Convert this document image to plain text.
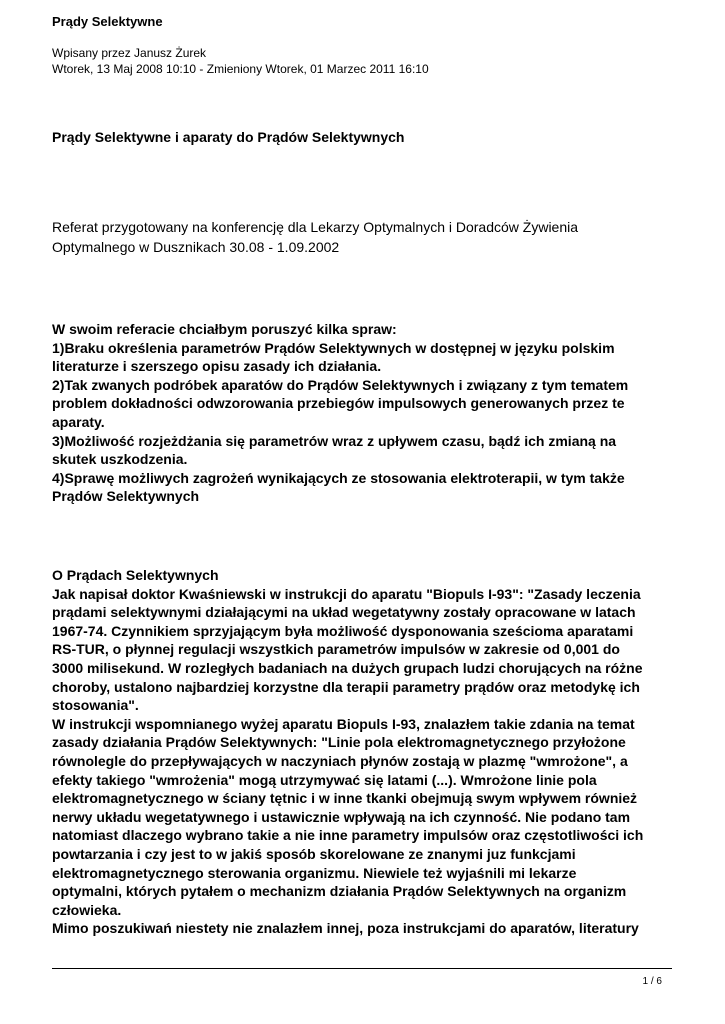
Prądy Selektywne
Wpisany przez Janusz Żurek
Wtorek, 13 Maj 2008 10:10 - Zmieniony Wtorek, 01 Marzec 2011 16:10
Prądy Selektywne i aparaty do Prądów Selektywnych
Referat przygotowany na konferencję dla Lekarzy Optymalnych i Doradców Żywienia
Optymalnego w Dusznikach 30.08 - 1.09.2002
W swoim referacie chciałbym poruszyć kilka spraw:
1)Braku określenia parametrów Prądów Selektywnych w dostępnej w języku polskim
literaturze i szerszego opisu zasady ich działania.
2)Tak zwanych podróbek aparatów do Prądów Selektywnych i związany z tym tematem
problem dokładności odwzorowania przebiegów impulsowych generowanych przez te
aparaty.
3)Możliwość rozjeżdżania się parametrów wraz z upływem czasu, bądź ich zmianą na
skutek uszkodzenia.
4)Sprawę możliwych zagrożeń wynikających ze stosowania elektroterapii, w tym także
Prądów Selektywnych
O Prądach Selektywnych
Jak napisał doktor Kwaśniewski w instrukcji do aparatu "Biopuls I-93": "Zasady leczenia
prądami selektywnymi działającymi na układ wegetatywny zostały opracowane w latach
1967-74. Czynnikiem sprzyjającym była możliwość dysponowania sześcioma aparatami
RS-TUR, o płynnej regulacji wszystkich parametrów impulsów w zakresie od 0,001 do
3000 milisekund. W rozległych badaniach na dużych grupach ludzi chorujących na różne
choroby, ustalono najbardziej korzystne dla terapii parametry prądów oraz metodykę ich
stosowania".
W instrukcji wspomnianego wyżej aparatu Biopuls I-93, znalazłem takie zdania na temat
zasady działania Prądów Selektywnych: "Linie pola elektromagnetycznego przyłożone
równolegle do przepływających w naczyniach płynów zostają w plazmę "wmrożone", a
efekty takiego "wmrożenia" mogą utrzymywać się latami (...). Wmrożone linie pola
elektromagnetycznego w ściany tętnic i w inne tkanki obejmują swym wpływem również
nerwy układu wegetatywnego i ustawicznie wpływają na ich czynność. Nie podano tam
natomiast dlaczego wybrano takie a nie inne parametry impulsów oraz częstotliwości ich
powtarzania i czy jest to w jakiś sposób skorelowane ze znanymi juz funkcjami
elektromagnetycznego sterowania organizmu. Niewiele też wyjaśnili mi lekarze
optymalni, których pytałem o mechanizm działania Prądów Selektywnych na organizm
człowieka.
Mimo poszukiwań niestety nie znalazłem innej, poza instrukcjami do aparatów, literatury
1 / 6
